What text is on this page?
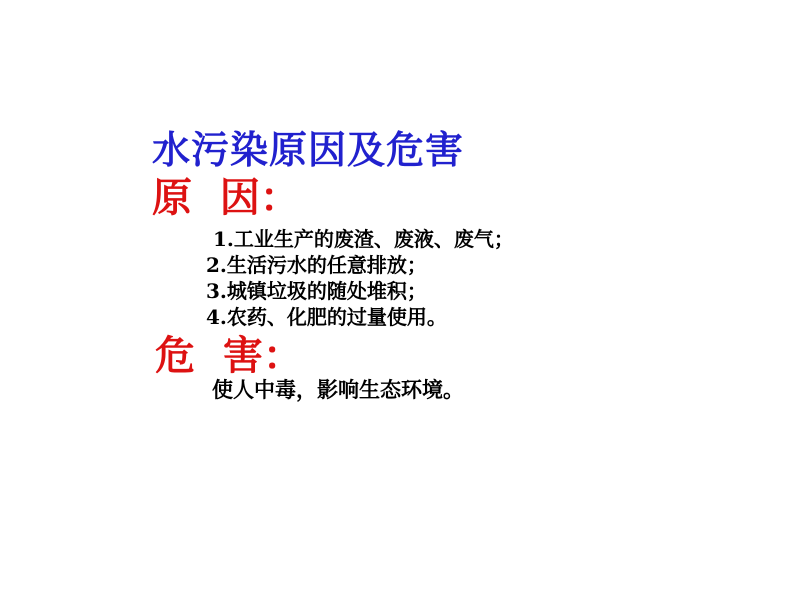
水污染原因及危害
原  因：
1.工业生产的废渣、废液、废气；
2.生活污水的任意排放；
3.城镇垃圾的随处堆积；
4.农药、化肥的过量使用。
危  害：
使人中毒，影响生态环境。
